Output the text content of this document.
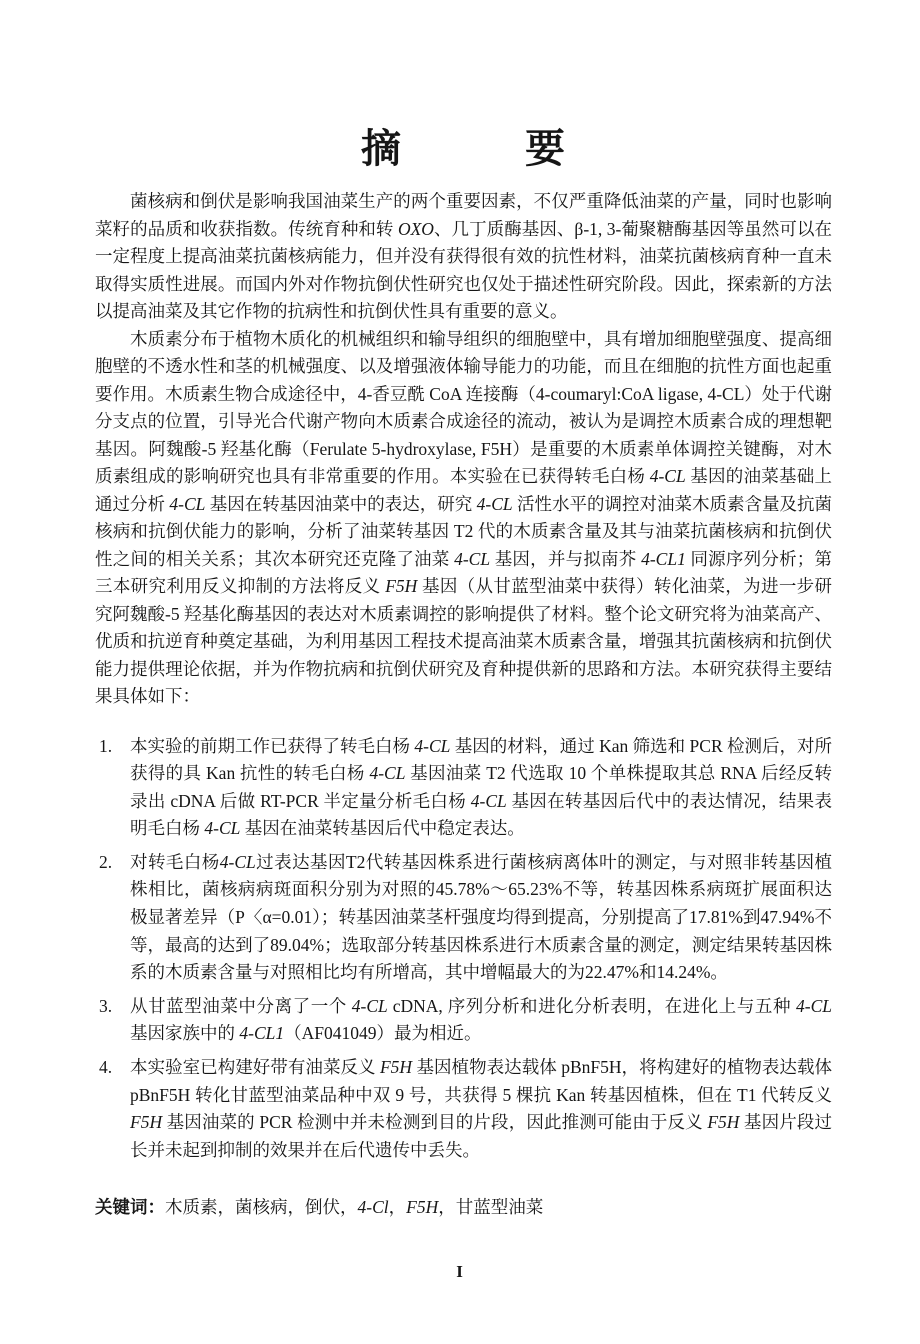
摘　　　要

菌核病和倒伏是影响我国油菜生产的两个重要因素，不仅严重降低油菜的产量，同时也影响菜籽的品质和收获指数。传统育种和转 OXO、几丁质酶基因、β-1, 3-葡聚糖酶基因等虽然可以在一定程度上提高油菜抗菌核病能力，但并没有获得很有效的抗性材料，油菜抗菌核病育种一直未取得实质性进展。而国内外对作物抗倒伏性研究也仅处于描述性研究阶段。因此，探索新的方法以提高油菜及其它作物的抗病性和抗倒伏性具有重要的意义。

木质素分布于植物木质化的机械组织和输导组织的细胞壁中，具有增加细胞壁强度、提高细胞壁的不透水性和茎的机械强度、以及增强液体输导能力的功能，而且在细胞的抗性方面也起重要作用。木质素生物合成途径中，4-香豆酰 CoA 连接酶（4-coumaryl:CoA ligase, 4-CL）处于代谢分支点的位置，引导光合代谢产物向木质素合成途径的流动，被认为是调控木质素合成的理想靶基因。阿魏酸-5 羟基化酶（Ferulate 5-hydroxylase, F5H）是重要的木质素单体调控关键酶，对木质素组成的影响研究也具有非常重要的作用。本实验在已获得转毛白杨 4-CL 基因的油菜基础上通过分析 4-CL 基因在转基因油菜中的表达，研究 4-CL 活性水平的调控对油菜木质素含量及抗菌核病和抗倒伏能力的影响，分析了油菜转基因 T2 代的木质素含量及其与油菜抗菌核病和抗倒伏性之间的相关关系；其次本研究还克隆了油菜 4-CL 基因，并与拟南芥 4-CL1 同源序列分析；第三本研究利用反义抑制的方法将反义 F5H 基因（从甘蓝型油菜中获得）转化油菜，为进一步研究阿魏酸-5 羟基化酶基因的表达对木质素调控的影响提供了材料。整个论文研究将为油菜高产、优质和抗逆育种奠定基础，为利用基因工程技术提高油菜木质素含量，增强其抗菌核病和抗倒伏能力提供理论依据，并为作物抗病和抗倒伏研究及育种提供新的思路和方法。本研究获得主要结果具体如下：

1. 本实验的前期工作已获得了转毛白杨 4-CL 基因的材料，通过 Kan 筛选和 PCR 检测后，对所获得的具 Kan 抗性的转毛白杨 4-CL 基因油菜 T2 代选取 10 个单株提取其总 RNA 后经反转录出 cDNA 后做 RT-PCR 半定量分析毛白杨 4-CL 基因在转基因后代中的表达情况，结果表明毛白杨 4-CL 基因在油菜转基因后代中稳定表达。
2. 对转毛白杨4-CL过表达基因T2代转基因株系进行菌核病离体叶的测定，与对照非转基因植株相比，菌核病病斑面积分别为对照的45.78%～65.23%不等，转基因株系病斑扩展面积达极显著差异（P〈α=0.01）；转基因油菜茎杆强度均得到提高，分别提高了17.81%到47.94%不等，最高的达到了89.04%；选取部分转基因株系进行木质素含量的测定，测定结果转基因株系的木质素含量与对照相比均有所增高，其中增幅最大的为22.47%和14.24%。
3. 从甘蓝型油菜中分离了一个 4-CL cDNA, 序列分析和进化分析表明，在进化上与五种 4-CL 基因家族中的 4-CL1（AF041049）最为相近。
4. 本实验室已构建好带有油菜反义 F5H 基因植物表达载体 pBnF5H，将构建好的植物表达载体 pBnF5H 转化甘蓝型油菜品种中双 9 号，共获得 5 棵抗 Kan 转基因植株，但在 T1 代转反义 F5H 基因油菜的 PCR 检测中并未检测到目的片段，因此推测可能由于反义 F5H 基因片段过长并未起到抑制的效果并在后代遗传中丢失。

关键词：木质素，菌核病，倒伏，4-Cl，F5H，甘蓝型油菜

I
